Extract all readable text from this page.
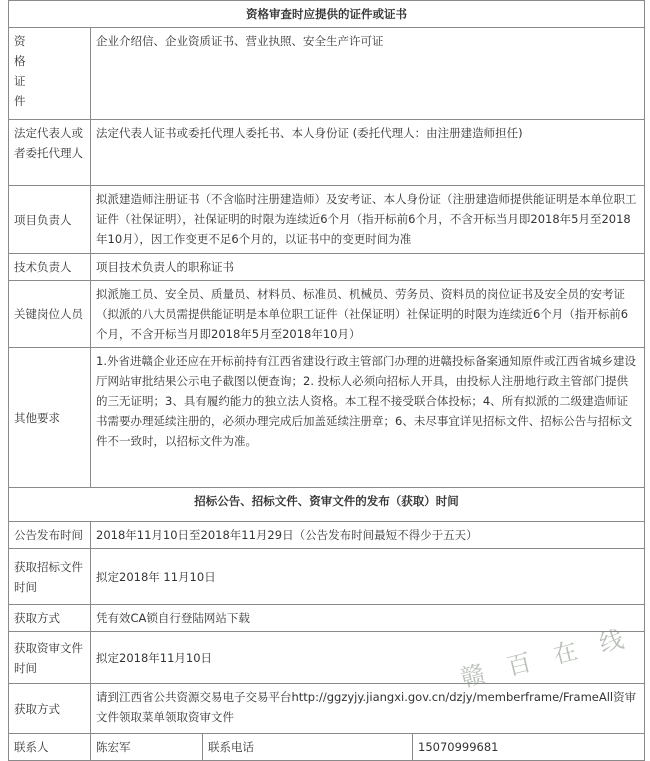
资格审查时应提供的证件或证书			

资
格
证
件	企业介绍信、企业资质证书、营业执照、安全生产许可证		
法定代表人或者委托代理人	法定代表人证书或委托代理人委托书、本人身份证 (委托代理人：由注册建造师担任)		
项目负责人	拟派建造师注册证书（不含临时注册建造师）及安考证、本人身份证（注册建造师提供能证明是本单位职工证件（社保证明），社保证明的时限为连续近6个月（指开标前6个月，不含开标当月即2018年5月至2018年10月），因工作变更不足6个月的，以证书中的变更时间为准		
技术负责人	项目技术负责人的职称证书		
关键岗位人员	拟派施工员、安全员、质量员、材料员、标准员、机械员、劳务员、资料员的岗位证书及安全员的安考证（拟派的八大员需提供能证明是本单位职工证件（社保证明）社保证明的时限为连续近6个月（指开标前6个月，不含开标当月即2018年5月至2018年10月）		
其他要求	1.外省进赣企业还应在开标前持有江西省建设行政主管部门办理的进赣投标备案通知原件或江西省城乡建设厅网站审批结果公示电子截图以便查询；2. 投标人必须向招标人开具，由投标人注册地行政主管部门提供的三无证明；3、具有履约能力的独立法人资格。本工程不接受联合体投标；4、所有拟派的二级建造师证书需要办理延续注册的，必须办理完成后加盖延续注册章；6、未尽事宜详见招标文件、招标公告与招标文件不一致时，以招标文件为准。		
招标公告、招标文件、资审文件的发布（获取）时间			
公告发布时间	2018年11月10日至2018年11月29日（公告发布时间最短不得少于五天）		
获取招标文件时间	拟定2018年 11月10日		
获取方式	凭有效CA锁自行登陆网站下载		
获取资审文件时间	拟定2018年11月10日		
获取方式	请到江西省公共资源交易电子交易平台http://ggzyjy.jiangxi.gov.cn/dzjy/memberframe/FrameAll资审文件领取菜单领取资审文件		
联系人	陈宏军	联系电话	15070999681
赣 百 在 线
